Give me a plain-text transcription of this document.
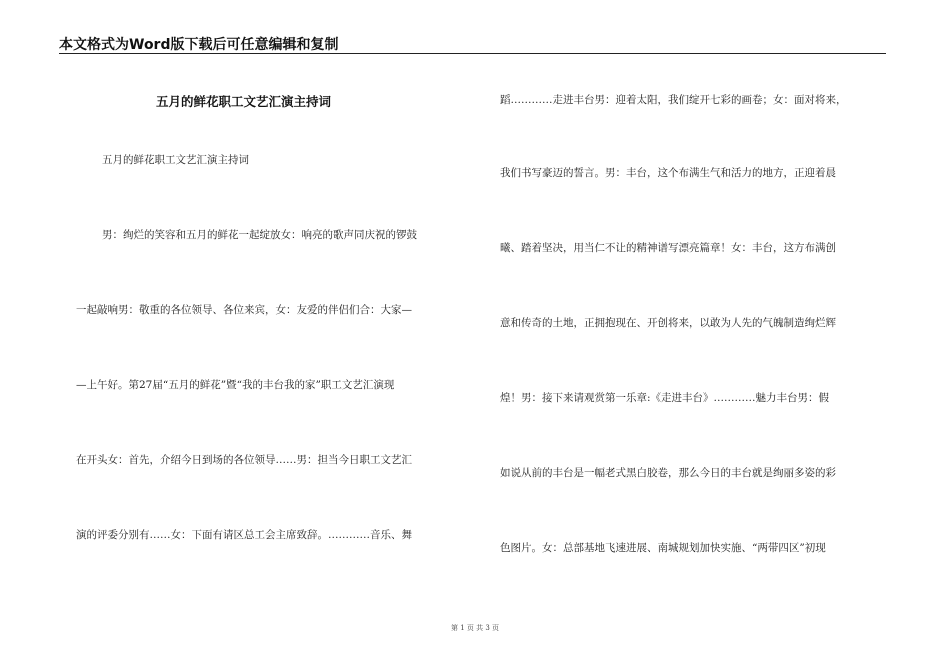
本文格式为Word版下载后可任意编辑和复制
五月的鲜花职工文艺汇演主持词
五月的鲜花职工文艺汇演主持词
男：绚烂的笑容和五月的鲜花一起绽放女：响亮的歌声同庆祝的锣鼓
一起敲响男：敬重的各位领导、各位来宾，女：友爱的伴侣们合：大家—
—上午好。第27届“五月的鲜花”暨“我的丰台我的家”职工文艺汇演现
在开头女：首先，介绍今日到场的各位领导……男：担当今日职工文艺汇
演的评委分别有……女：下面有请区总工会主席致辞。…………音乐、舞
蹈…………走进丰台男：迎着太阳，我们绽开七彩的画卷；女：面对将来，
我们书写豪迈的誓言。男：丰台，这个布满生气和活力的地方，正迎着晨
曦、踏着坚决，用当仁不让的精神谱写漂亮篇章！女：丰台，这方布满创
意和传奇的土地，正拥抱现在、开创将来，以敢为人先的气魄制造绚烂辉
煌！男：接下来请观赏第一乐章:《走进丰台》…………魅力丰台男：假
如说从前的丰台是一幅老式黑白胶卷，那么今日的丰台就是绚丽多姿的彩
色图片。女：总部基地飞速进展、南城规划加快实施、“两带四区”初现
第 1 页 共 3 页
